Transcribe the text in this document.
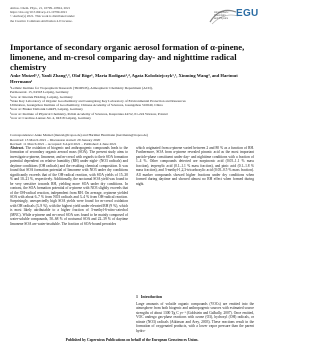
Atmos. Chem. Phys., 21, 10799–10824, 2021
https://doi.org/10.5194/acp-21-10799-2021
© Author(s) 2021. This work is distributed under
the Creative Commons Attribution 4.0 License.
Atmospheric
Chemistry
and Physics EGU
Importance of secondary organic aerosol formation of α-pinene, limonene, and m-cresol comparing day- and nighttime radical chemistry
Anke Mutzel¹,², Yanli Zhang¹,³, Olaf Böge¹, Maria Rodigast¹,⁴, Agata Kolodziejczyk¹,⁵, Xinming Wang³, and Hartmut Herrmann¹
¹Leibniz Institute for Tropospheric Research (TROPOS), Atmospheric Chemistry Department (ACD),
Permoserstr. 15, 04318 Leipzig, Germany
²now at: Intertek Holding, Leipzig, Germany
³State Key Laboratory of Organic Geochemistry and Guangdong Key Laboratory of Environmental Protection and Resources
Utilization, Guangzhou Institute of Geochemistry, Chinese Academy of Sciences, Guangzhou 510640, China
⁴now at: Bruker Daltonik GmbH, Leipzig, Germany
⁵now at: Institute of Physical Chemistry, Polish Academy of Sciences, Kasprzaka 44/52, 01-224 Warsaw, Poland
⁶now at: Caroline-Lanner-Str. 4, 04318 Leipzig, Germany
Correspondence: Anke Mutzel (mutzel@tropos.de) and Hartmut Herrmann (herrmann@tropos.de)
Received: 13 March 2021 – Discussion started: 29 January 2020
Revised: 11 March 2021 – Accepted: 6 April 2021 – Published: 4 June 2021

Abstract. The oxidation of biogenic and anthropogenic compounds leads to the formation of secondary organic aerosol mass (SOA). The present study aims to investigate α-pinene, limonene, and m-cresol with regards to their SOA formation potential dependent on relative humidity (RH) under night- (NO3 radicals) and daytime conditions (OH radicals) and the resulting chemical composition. It was found that SOA formation potential of limonene with NO3 under dry conditions significantly exceeds that of the OH-radical reaction, with SOA yields of 15–30 % and 10–21 %, respectively. Additionally, the nocturnal SOA yield was found to be very sensitive towards RH, yielding more SOA under dry conditions. In contrast, the SOA formation potential of α-pinene with NO3 slightly exceeds that of the OH-radical reaction, independent from RH. On average, α-pinene yielded SOA with about 6–7 % from NO3 radicals and 3–4 % from OH-radical reaction. Surprisingly, unexpectedly high SOA yields were found for m-cresol oxidation with OH radicals (3–9 %), with the highest yield under elevated RH (9 %), which is most likely attributable to a higher fraction of 3-methyl-6-nitro-catechol (MNC). While α-pinene and m-cresol SOA was found to be mainly composed of water-soluble compounds, 50–68 % of nocturnal SOA and 22–39 % of daytime limonene SOA are water-insoluble. The fraction of SOA-bound peroxides

which originated from α-pinene varied between 2 and 80 % as a function of RH. Furthermore, SOA from α-pinene revealed pinonic acid as the most important particle-phase constituent under day- and nighttime conditions with a fraction of 1–4 %. Other compounds detected are norpinonic acid (0.05–1.1 % mass fraction), terpenylic acid (0.1–1.1 % mass fraction), and pinic acid (0.1–1.8 % mass fraction), and 3-methyl-1,2,3-tricarboxylic acid (0.05–0.5 % mass fraction). All marker compounds showed higher fractions under dry conditions when formed during daytime and showed almost no RH effect when formed during night.

1 Introduction
Large amounts of volatile organic compounds (VOCs) are emitted into the atmosphere from both biogenic and anthropogenic sources with estimated source strengths of about 1300 Tg C yr⁻¹ (Goldstein and Galbally, 2007). Once emitted, VOC undergo gas-phase reactions with ozone (O3), hydroxyl (OH) radicals, or nitrate (NO3) radicals (Atkinson and Arey, 2003). These reactions result in the formation of oxygenated products, with a lower vapor pressure than the parent hydro-
Published by Copernicus Publications on behalf of the European Geosciences Union.
